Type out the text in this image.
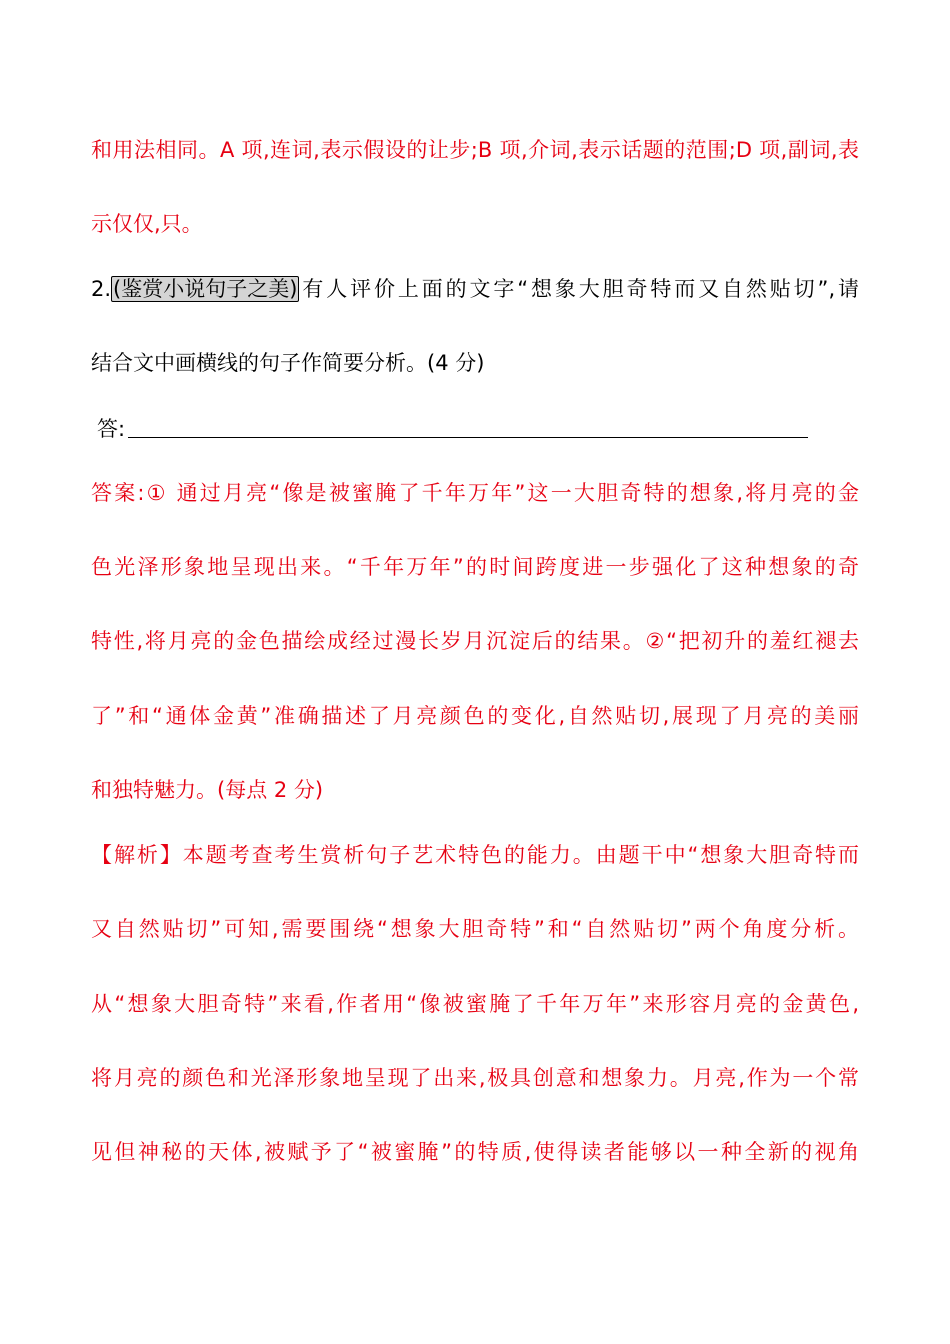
和用法相同。A 项,连词,表示假设的让步;B 项,介词,表示话题的范围;D 项,副词,表
示仅仅,只。
2.(鉴赏小说句子之美)有人评价上面的文字“想象大胆奇特而又自然贴切”,请
结合文中画横线的句子作简要分析。(4 分)
答:
答案:① 通过月亮“像是被蜜腌了千年万年”这一大胆奇特的想象,将月亮的金
色光泽形象地呈现出来。“千年万年”的时间跨度进一步强化了这种想象的奇
特性,将月亮的金色描绘成经过漫长岁月沉淀后的结果。②“把初升的羞红褪去
了”和“通体金黄”准确描述了月亮颜色的变化,自然贴切,展现了月亮的美丽
和独特魅力。(每点 2 分)
【解析】本题考查考生赏析句子艺术特色的能力。由题干中“想象大胆奇特而
又自然贴切”可知,需要围绕“想象大胆奇特”和“自然贴切”两个角度分析。
从“想象大胆奇特”来看,作者用“像被蜜腌了千年万年”来形容月亮的金黄色,
将月亮的颜色和光泽形象地呈现了出来,极具创意和想象力。月亮,作为一个常
见但神秘的天体,被赋予了“被蜜腌”的特质,使得读者能够以一种全新的视角
